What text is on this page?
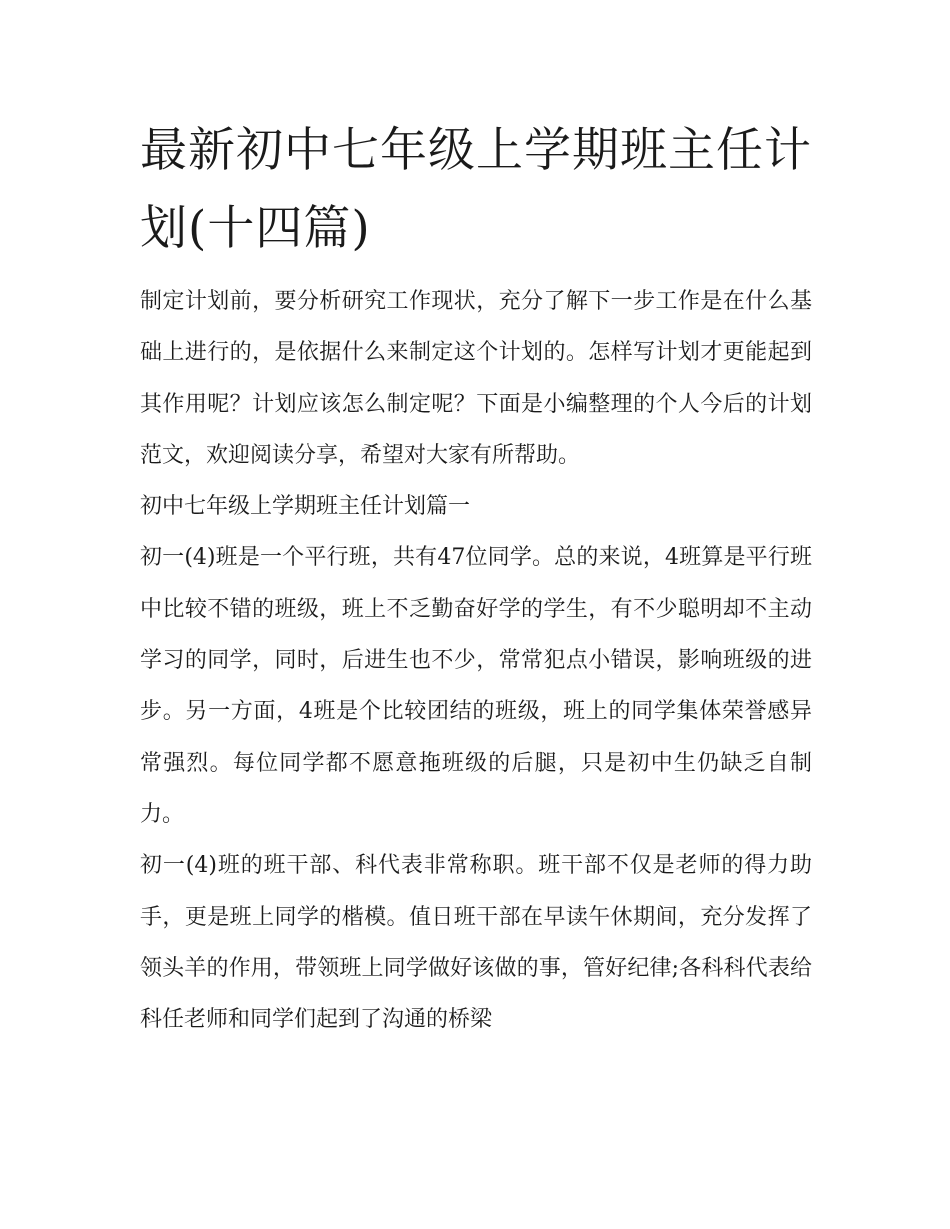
最新初中七年级上学期班主任计划(十四篇)

制定计划前，要分析研究工作现状，充分了解下一步工作是在什么基础上进行的，是依据什么来制定这个计划的。怎样写计划才更能起到其作用呢？计划应该怎么制定呢？下面是小编整理的个人今后的计划范文，欢迎阅读分享，希望对大家有所帮助。

初中七年级上学期班主任计划篇一

初一(4)班是一个平行班，共有47位同学。总的来说，4班算是平行班中比较不错的班级，班上不乏勤奋好学的学生，有不少聪明却不主动学习的同学，同时，后进生也不少，常常犯点小错误，影响班级的进步。另一方面，4班是个比较团结的班级，班上的同学集体荣誉感异常强烈。每位同学都不愿意拖班级的后腿，只是初中生仍缺乏自制力。

初一(4)班的班干部、科代表非常称职。班干部不仅是老师的得力助手，更是班上同学的楷模。值日班干部在早读午休期间，充分发挥了领头羊的作用，带领班上同学做好该做的事，管好纪律;各科科代表给科任老师和同学们起到了沟通的桥梁
